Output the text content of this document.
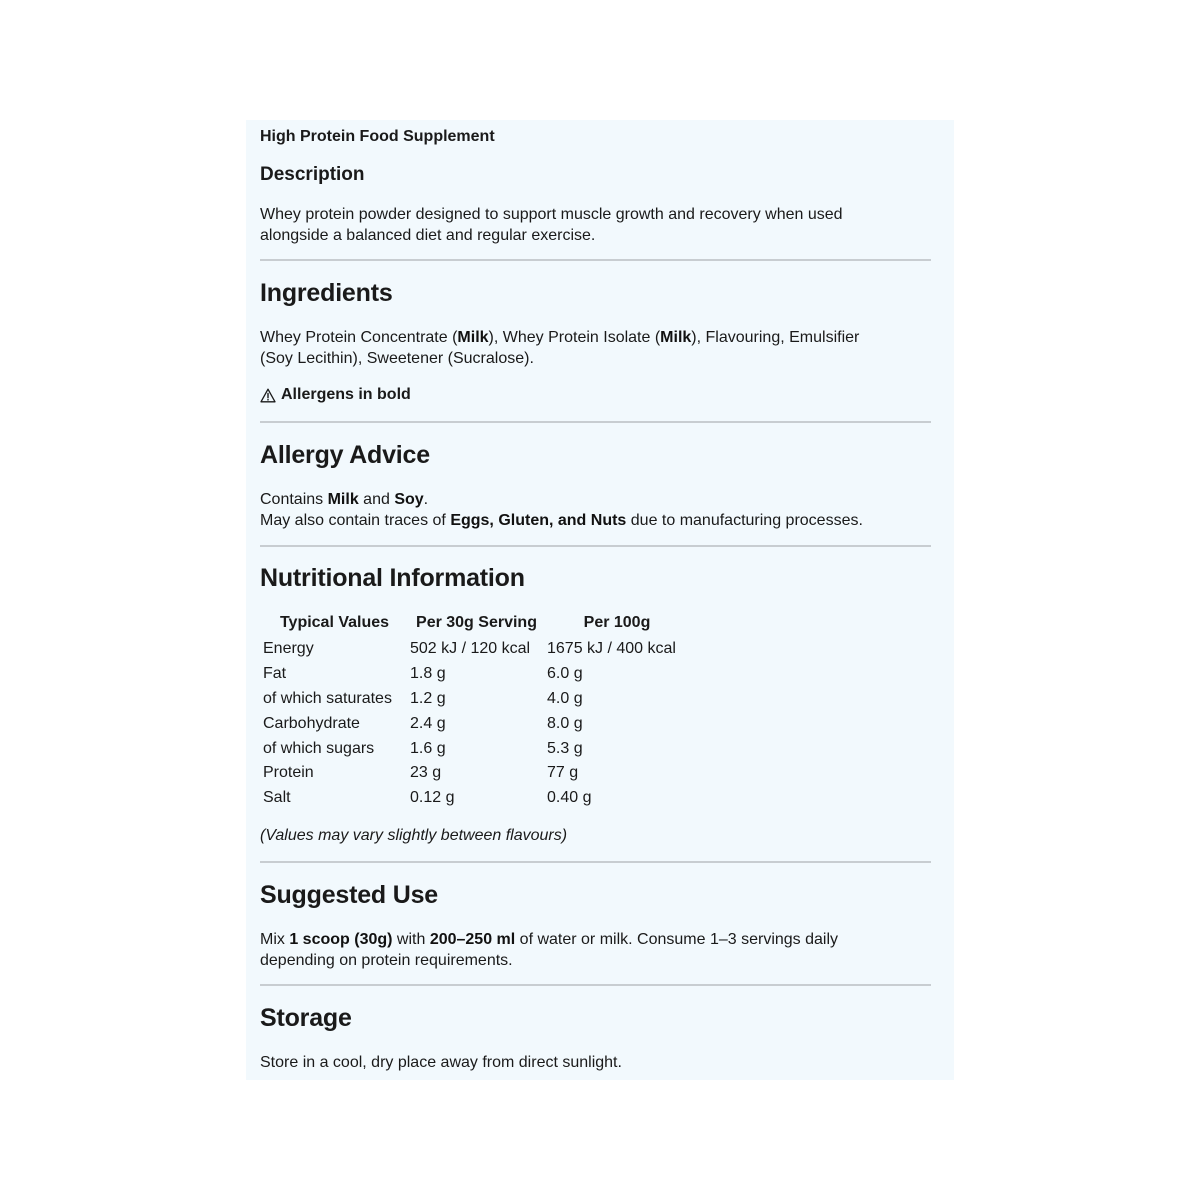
High Protein Food Supplement
Description

Whey protein powder designed to support muscle growth and recovery when used
alongside a balanced diet and regular exercise.

Ingredients

Whey Protein Concentrate (Milk), Whey Protein Isolate (Milk), Flavouring, Emulsifier
(Soy Lecithin), Sweetener (Sucralose).

Allergens in bold

Allergy Advice

Contains Milk and Soy.
May also contain traces of Eggs, Gluten, and Nuts due to manufacturing processes.

Nutritional Information
Typical Values	Per 30g Serving	Per 100g
Energy	502 kJ / 120 kcal	1675 kJ / 400 kcal
Fat	1.8 g	6.0 g
of which saturates	1.2 g	4.0 g
Carbohydrate	2.4 g	8.0 g
of which sugars	1.6 g	5.3 g
Protein	23 g	77 g
Salt	0.12 g	0.40 g

(Values may vary slightly between flavours)

Suggested Use

Mix 1 scoop (30g) with 200–250 ml of water or milk. Consume 1–3 servings daily
depending on protein requirements.

Storage

Store in a cool, dry place away from direct sunlight.
